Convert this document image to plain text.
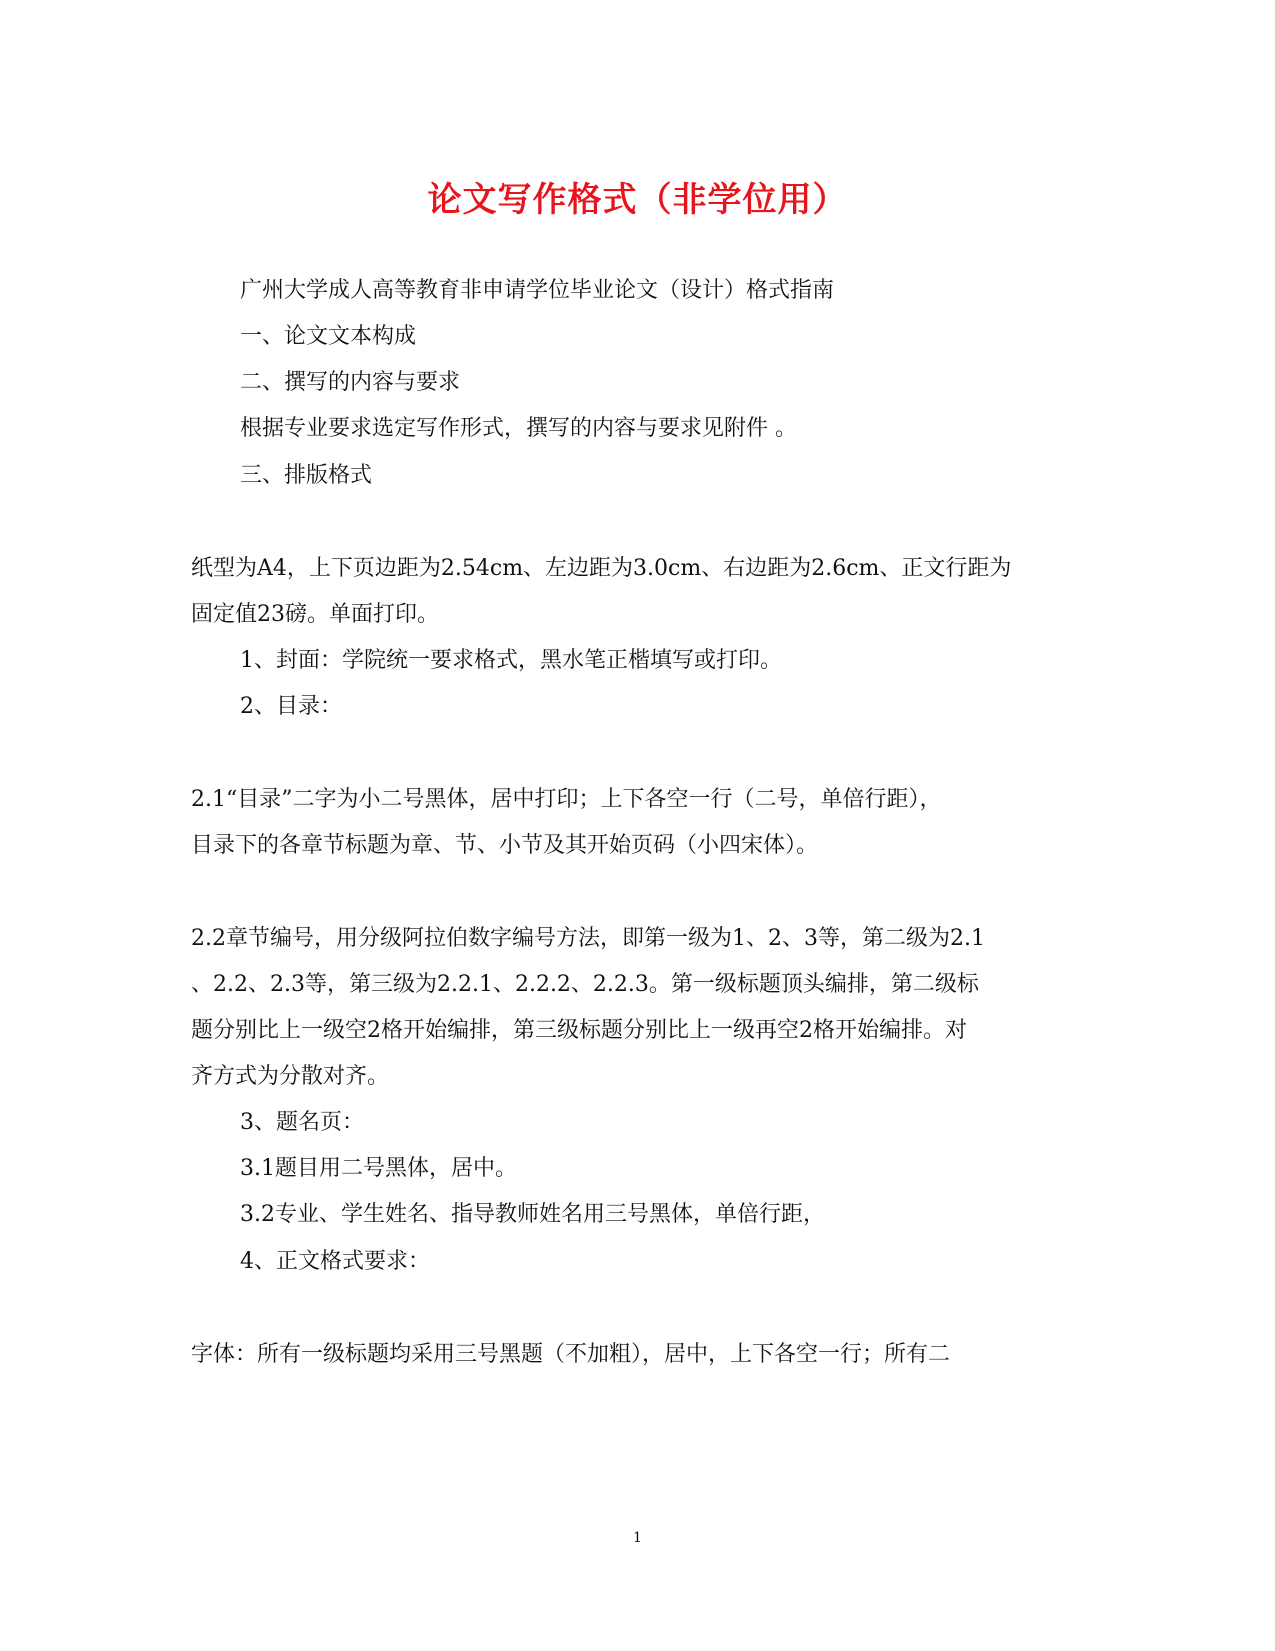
论文写作格式（非学位用）
广州大学成人高等教育非申请学位毕业论文（设计）格式指南
一、论文文本构成
二、撰写的内容与要求
根据专业要求选定写作形式，撰写的内容与要求见附件 。
三、排版格式
纸型为A4，上下页边距为2.54cm、左边距为3.0cm、右边距为2.6cm、正文行距为
固定值23磅。单面打印。
1、封面：学院统一要求格式，黑水笔正楷填写或打印。
2、目录：
2.1“目录”二字为小二号黑体，居中打印；上下各空一行（二号，单倍行距），
目录下的各章节标题为章、节、小节及其开始页码（小四宋体）。
2.2章节编号，用分级阿拉伯数字编号方法，即第一级为1、2、3等，第二级为2.1
、2.2、2.3等，第三级为2.2.1、2.2.2、2.2.3。第一级标题顶头编排，第二级标
题分别比上一级空2格开始编排，第三级标题分别比上一级再空2格开始编排。对
齐方式为分散对齐。
3、题名页：
3.1题目用二号黑体，居中。
3.2专业、学生姓名、指导教师姓名用三号黑体，单倍行距，
4、正文格式要求：
字体：所有一级标题均采用三号黑题（不加粗），居中，上下各空一行；所有二
1
